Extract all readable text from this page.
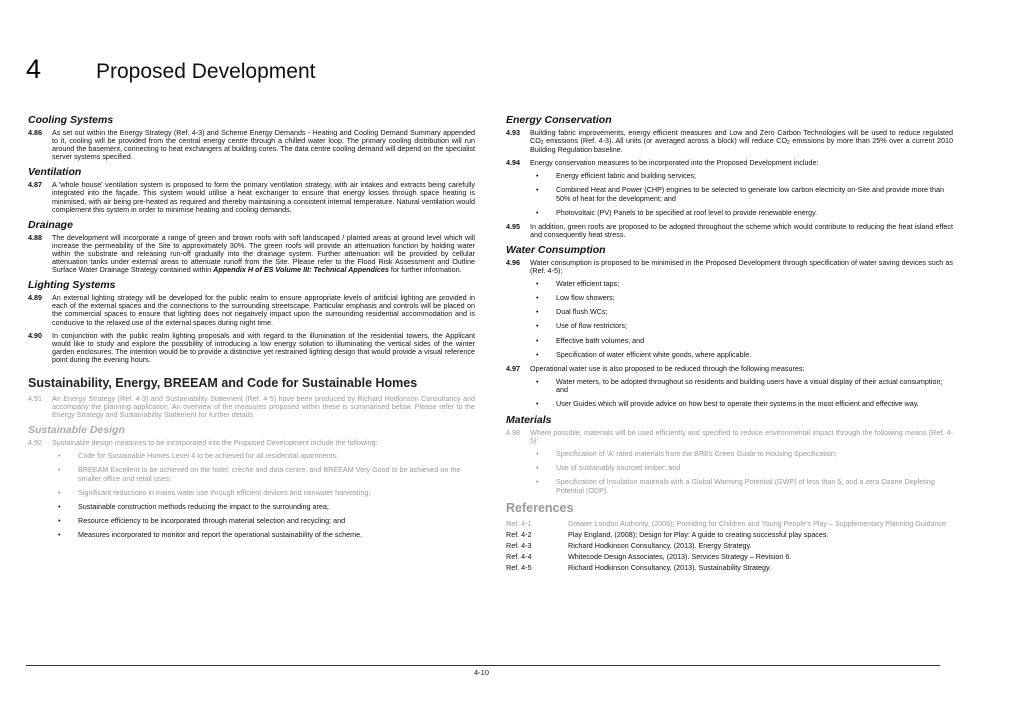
4	Proposed Development
Cooling Systems
4.86	As set out within the Energy Strategy (Ref. 4-3) and Scheme Energy Demands - Heating and Cooling Demand Summary appended to it, cooling will be provided from the central energy centre through a chilled water loop. The primary cooling distribution will run around the basement, connecting to heat exchangers at building cores. The data centre cooling demand will depend on the specialist server systems specified.
Ventilation
4.87	A 'whole house' ventilation system is proposed to form the primary ventilation strategy, with air intakes and extracts being carefully integrated into the façade. This system would utilise a heat exchanger to ensure that energy losses through space heating is minimised, with air being pre-heated as required and thereby maintaining a consistent internal temperature. Natural ventilation would complement this system in order to minimise heating and cooling demands.
Drainage
4.88	The development will incorporate a range of green and brown roofs with soft landscaped / planted areas at ground level which will increase the permeability of the Site to approximately 30%. The green roofs will provide an attenuation function by holding water within the substrate and releasing run-off gradually into the drainage system. Further attenuation will be provided by cellular attenuation tanks under external areas to attenuate runoff from the Site. Please refer to the Flood Risk Assessment and Outline Surface Water Drainage Strategy contained within Appendix H of ES Volume III: Technical Appendices for further information.
Lighting Systems
4.89	An external lighting strategy will be developed for the public realm to ensure appropriate levels of artificial lighting are provided in each of the external spaces and the connections to the surrounding streetscape. Particular emphasis and controls will be placed on the commercial spaces to ensure that lighting does not negatively impact upon the surrounding residential accommodation and is conducive to the relaxed use of the external spaces during night time.
4.90	In conjunction with the public realm lighting proposals and with regard to the illumination of the residential towers, the Applicant would like to study and explore the possibility of introducing a low energy solution to illuminating the vertical sides of the winter garden enclosures. The intention would be to provide a distinctive yet restrained lighting design that would provide a visual reference point during the evening hours.
Sustainability, Energy, BREEAM and Code for Sustainable Homes
4.91	An Energy Strategy (Ref. 4-3) and Sustainability Statement (Ref. 4-5) have been produced by Richard Hodkinson Consultancy and accompany the planning application. An overview of the measures proposed within these is summarised below. Please refer to the Energy Strategy and Sustainability Statement for further details.
Sustainable Design
4.92	Sustainable design measures to be incorporated into the Proposed Development include the following:
•	Code for Sustainable Homes Level 4 to be achieved for all residential apartments;
•	BREEAM Excellent to be achieved on the hotel, crèche and data centre, and BREEAM Very Good to be achieved on the smaller office and retail uses;
•	Significant reductions in mains water use through efficient devices and rainwater harvesting;
•	Sustainable construction methods reducing the impact to the surrounding area;
•	Resource efficiency to be incorporated through material selection and recycling; and
•	Measures incorporated to monitor and report the operational sustainability of the scheme.
Energy Conservation
4.93	Building fabric improvements, energy efficient measures and Low and Zero Carbon Technologies will be used to reduce regulated $CO_2$ emissions (Ref. 4-3). All units (or averaged across a block) will reduce $CO_2$ emissions by more than 25% over a current 2010 Building Regulation baseline.
4.94	Energy conservation measures to be incorporated into the Proposed Development include:
•	Energy efficient fabric and building services;
•	Combined Heat and Power (CHP) engines to be selected to generate low carbon electricity on-Site and provide more than 50% of heat for the development; and
•	Photovoltaic (PV) Panels to be specified at roof level to provide renewable energy.
4.95	In addition, green roofs are proposed to be adopted throughout the scheme which would contribute to reducing the heat island effect and consequently heat stress.
Water Consumption
4.96	Water consumption is proposed to be minimised in the Proposed Development through specification of water saving devices such as (Ref. 4-5):
•	Water efficient taps;
•	Low flow showers;
•	Dual flush WCs;
•	Use of flow restrictors;
•	Effective bath volumes; and
•	Specification of water efficient white goods, where applicable.
4.97	Operational water use is also proposed to be reduced through the following measures:
•	Water meters, to be adopted throughout so residents and building users have a visual display of their actual consumption; and
•	User Guides which will provide advice on how best to operate their systems in the most efficient and effective way.
Materials
4.98	Where possible, materials will be used efficiently and specified to reduce environmental impact through the following means (Ref. 4-5):
•	Specification of 'A' rated materials from the BREs Green Guide to Housing Specification;
•	Use of sustainably sourced timber; and
•	Specification of Insulation materials with a Global Warming Potential (GWP) of less than 5, and a zero Ozone Depleting Potential (ODP).
References
Ref. 4-1	Greater London Authority, (2008); Providing for Children and Young People's Play – Supplementary Planning Guidance
Ref. 4-2	Play England, (2008); Design for Play: A guide to creating successful play spaces.
Ref. 4-3	Richard Hodkinson Consultancy, (2013). Energy Strategy.
Ref. 4-4	Whitecode Design Associates, (2013). Services Strategy – Revision 6.
Ref. 4-5	Richard Hodkinson Consultancy, (2013). Sustainability Strategy.
4-10
